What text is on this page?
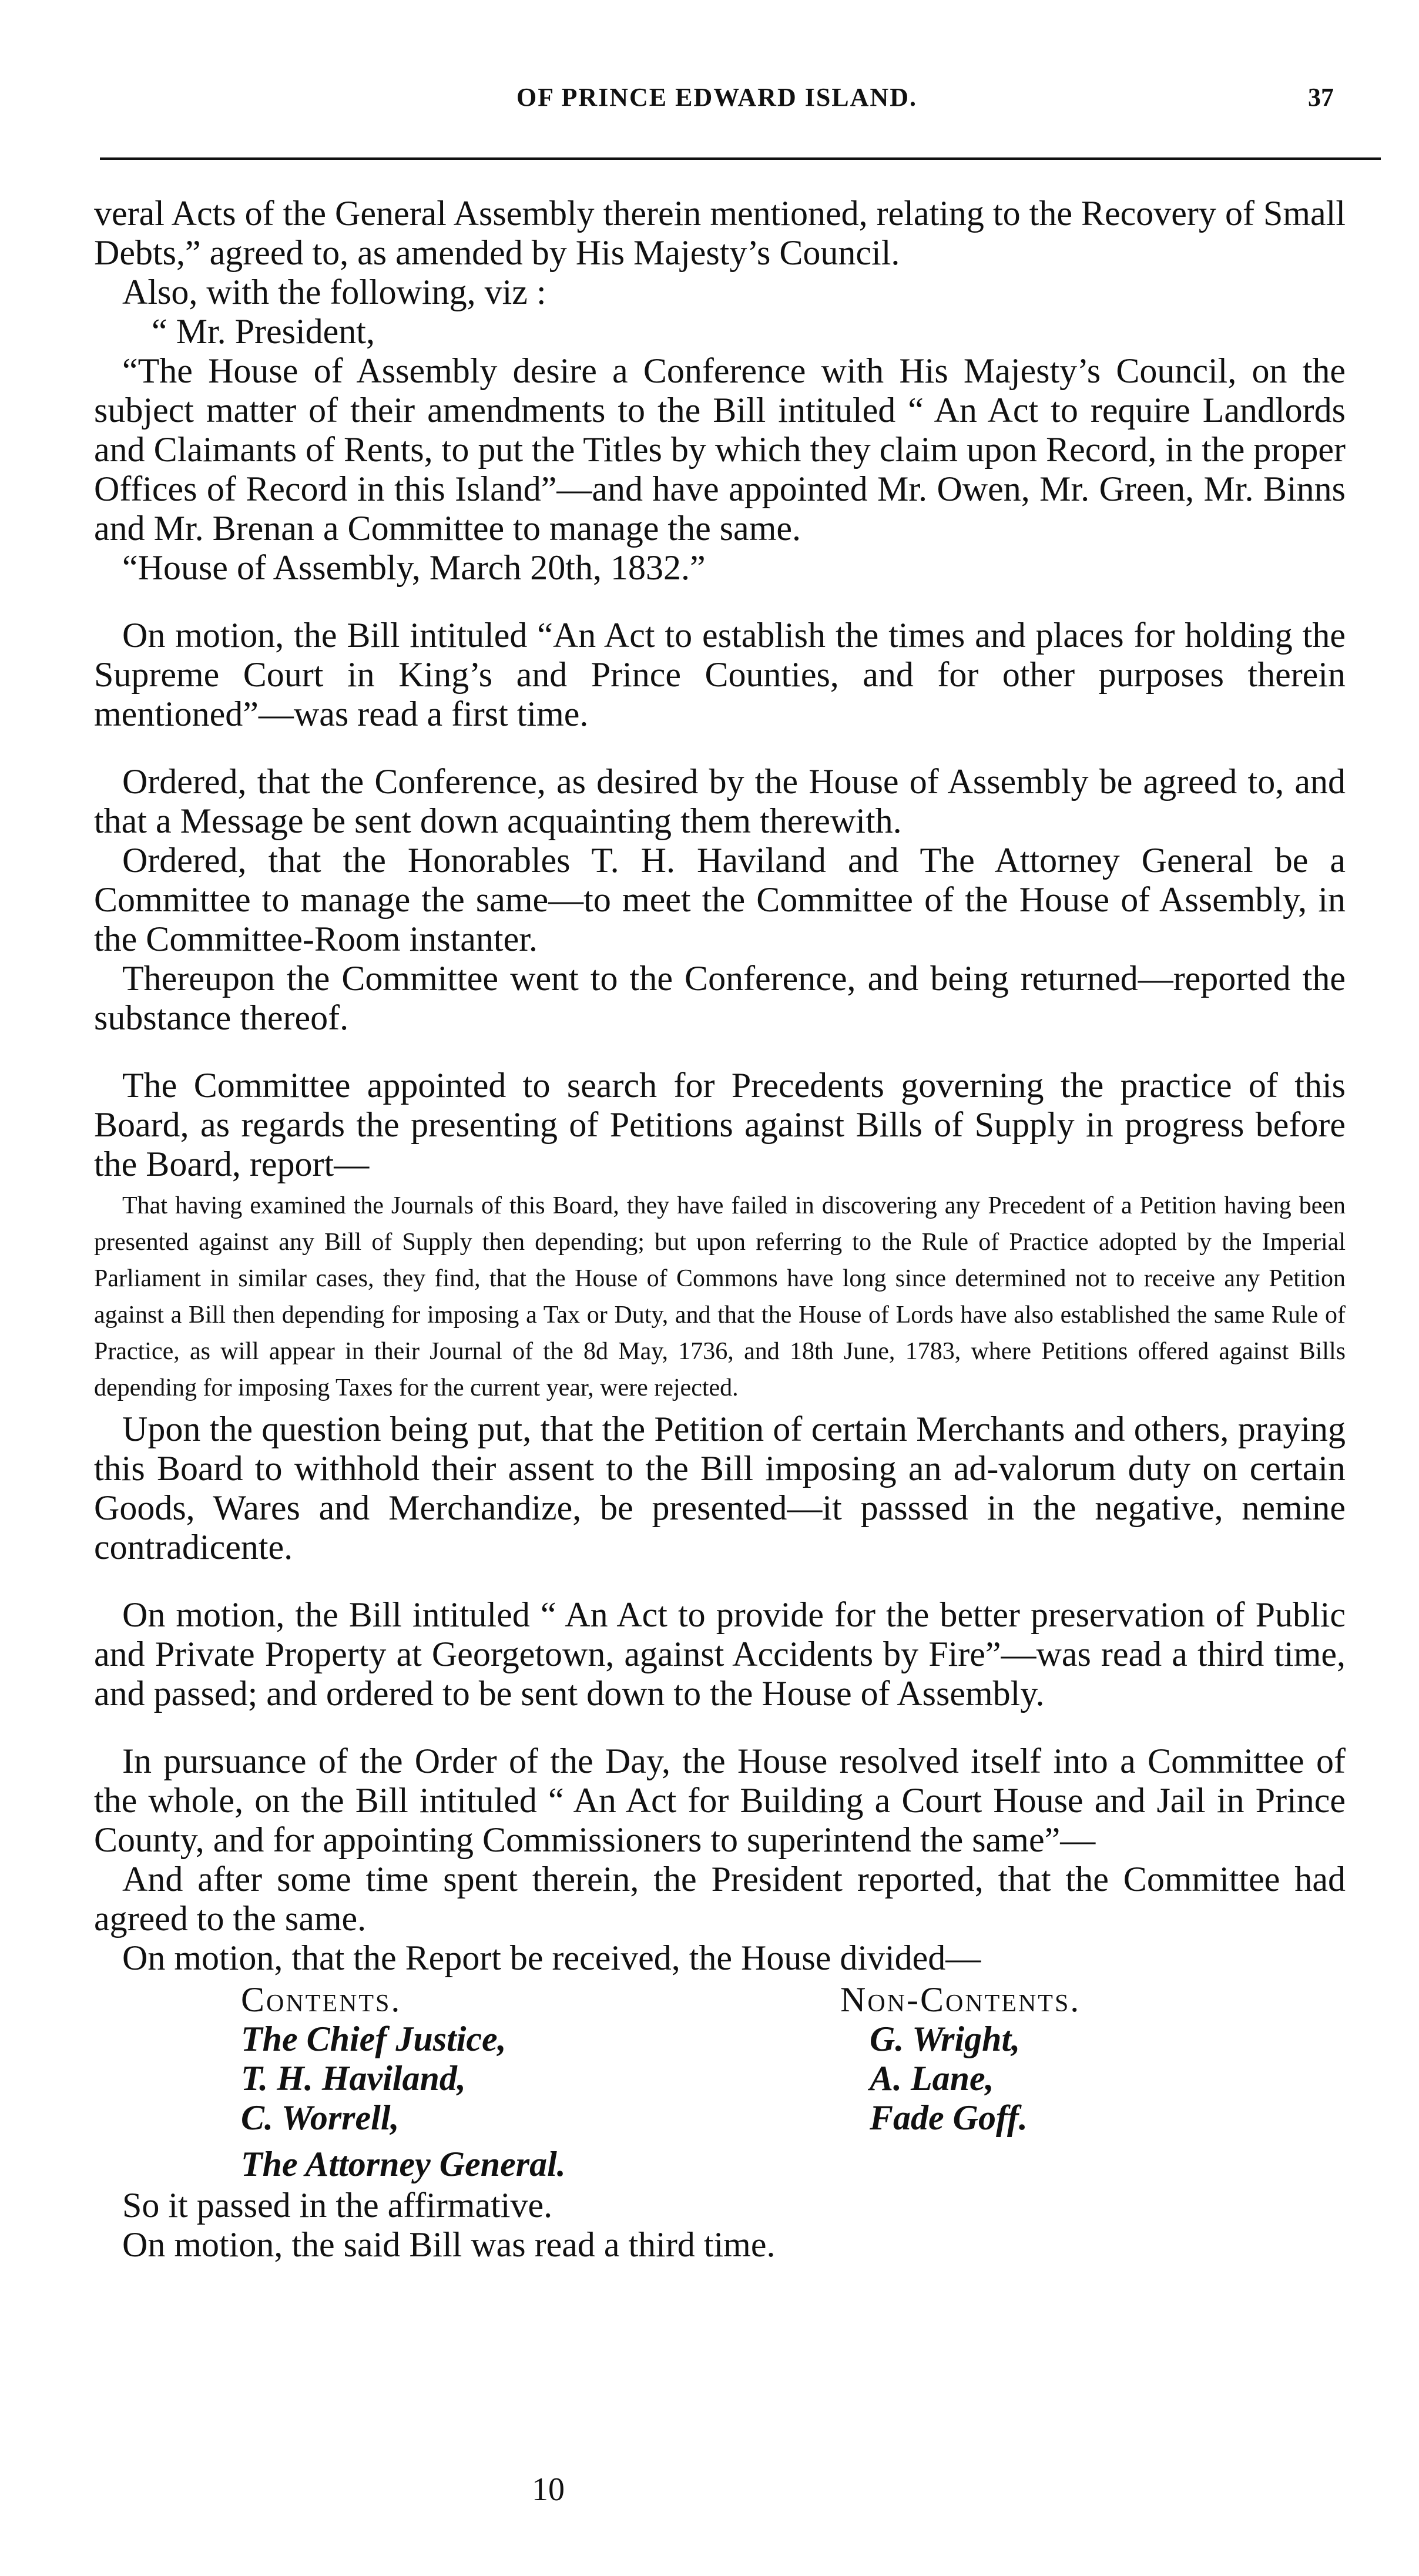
OF PRINCE EDWARD ISLAND.	37

veral Acts of the General Assembly therein mentioned, relating to the Recovery of Small Debts,” agreed to, as amended by His Majesty’s Council.

Also, with the following, viz :

“ Mr. President,

“The House of Assembly desire a Conference with His Majesty’s Council, on the subject matter of their amendments to the Bill intituled “ An Act to require Landlords and Claimants of Rents, to put the Titles by which they claim upon Record, in the proper Offices of Record in this Island”—and have appointed Mr. Owen, Mr. Green, Mr. Binns and Mr. Brenan a Committee to manage the same.

“House of Assembly, March 20th, 1832.”

On motion, the Bill intituled “An Act to establish the times and places for holding the Supreme Court in King’s and Prince Counties, and for other purposes therein mentioned”—was read a first time.

Ordered, that the Conference, as desired by the House of Assembly be agreed to, and that a Message be sent down acquainting them therewith.

Ordered, that the Honorables T. H. Haviland and The Attorney General be a Committee to manage the same—to meet the Committee of the House of Assembly, in the Committee-Room instanter.

Thereupon the Committee went to the Conference, and being returned—reported the substance thereof.

The Committee appointed to search for Precedents governing the practice of this Board, as regards the presenting of Petitions against Bills of Supply in progress before the Board, report—

That having examined the Journals of this Board, they have failed in discovering any Precedent of a Petition having been presented against any Bill of Supply then depending; but upon referring to the Rule of Practice adopted by the Imperial Parliament in similar cases, they find, that the House of Commons have long since determined not to receive any Petition against a Bill then depending for imposing a Tax or Duty, and that the House of Lords have also established the same Rule of Practice, as will appear in their Journal of the 8d May, 1736, and 18th June, 1783, where Petitions offered against Bills depending for imposing Taxes for the current year, were rejected.

Upon the question being put, that the Petition of certain Merchants and others, praying this Board to withhold their assent to the Bill imposing an ad-valorum duty on certain Goods, Wares and Merchandize, be presented—it passsed in the negative, nemine contradicente.

On motion, the Bill intituled “ An Act to provide for the better preservation of Public and Private Property at Georgetown, against Accidents by Fire”—was read a third time, and passed; and ordered to be sent down to the House of Assembly.

In pursuance of the Order of the Day, the House resolved itself into a Committee of the whole, on the Bill intituled “ An Act for Building a Court House and Jail in Prince County, and for appointing Commissioners to superintend the same”—

And after some time spent therein, the President reported, that the Committee had agreed to the same.

On motion, that the Report be received, the House divided—

Contents.
The Chief Justice,
T. H. Haviland,
C. Worrell,
Non-Contents.
G. Wright,
A. Lane,
Fade Goff.
The Attorney General.

So it passed in the affirmative.

On motion, the said Bill was read a third time.

10
